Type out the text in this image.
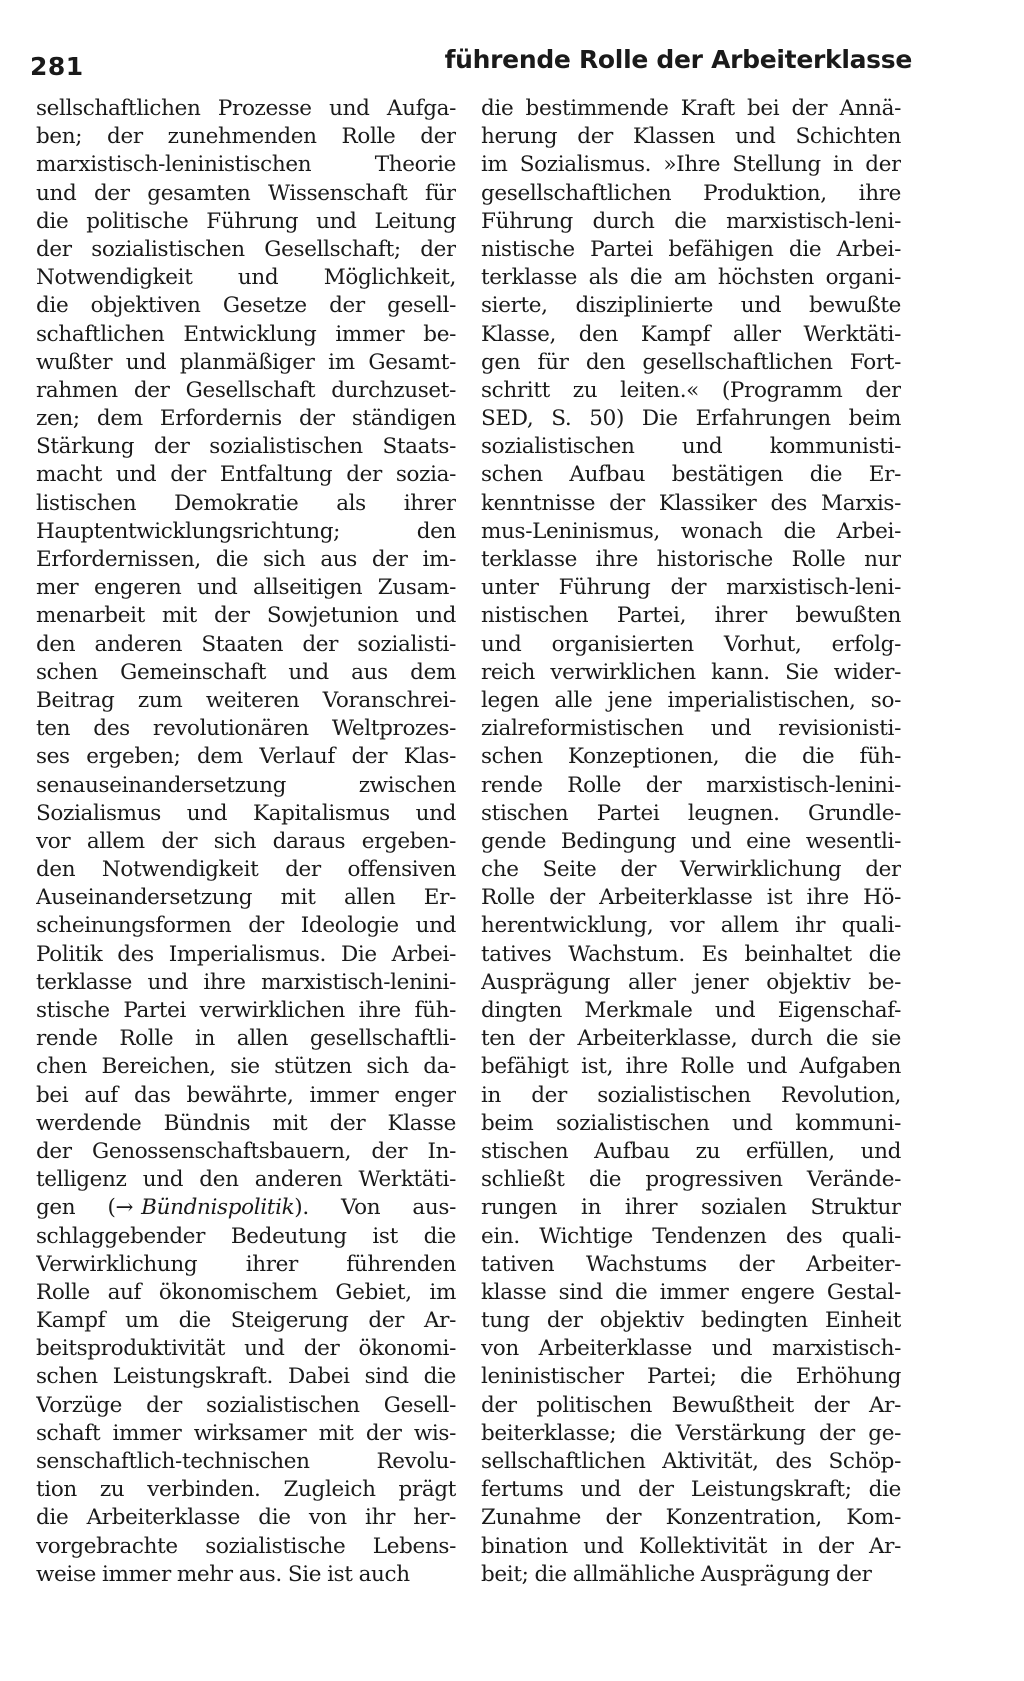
281	führende Rolle der Arbeiterklasse
sellschaftlichen Prozesse und Aufga-
ben; der zunehmenden Rolle der
marxistisch-leninistischen Theorie
und der gesamten Wissenschaft für
die politische Führung und Leitung
der sozialistischen Gesellschaft; der
Notwendigkeit und Möglichkeit,
die objektiven Gesetze der gesell-
schaftlichen Entwicklung immer be-
wußter und planmäßiger im Gesamt-
rahmen der Gesellschaft durchzuset-
zen; dem Erfordernis der ständigen
Stärkung der sozialistischen Staats-
macht und der Entfaltung der sozia-
listischen Demokratie als ihrer
Hauptentwicklungsrichtung; den
Erfordernissen, die sich aus der im-
mer engeren und allseitigen Zusam-
menarbeit mit der Sowjetunion und
den anderen Staaten der sozialisti-
schen Gemeinschaft und aus dem
Beitrag zum weiteren Voranschrei-
ten des revolutionären Weltprozes-
ses ergeben; dem Verlauf der Klas-
senauseinandersetzung zwischen
Sozialismus und Kapitalismus und
vor allem der sich daraus ergeben-
den Notwendigkeit der offensiven
Auseinandersetzung mit allen Er-
scheinungsformen der Ideologie und
Politik des Imperialismus. Die Arbei-
terklasse und ihre marxistisch-lenini-
stische Partei verwirklichen ihre füh-
rende Rolle in allen gesellschaftli-
chen Bereichen, sie stützen sich da-
bei auf das bewährte, immer enger
werdende Bündnis mit der Klasse
der Genossenschaftsbauern, der In-
telligenz und den anderen Werktäti-
gen (→ Bündnispolitik). Von aus-
schlaggebender Bedeutung ist die
Verwirklichung ihrer führenden
Rolle auf ökonomischem Gebiet, im
Kampf um die Steigerung der Ar-
beitsproduktivität und der ökonomi-
schen Leistungskraft. Dabei sind die
Vorzüge der sozialistischen Gesell-
schaft immer wirksamer mit der wis-
senschaftlich-technischen Revolu-
tion zu verbinden. Zugleich prägt
die Arbeiterklasse die von ihr her-
vorgebrachte sozialistische Lebens-
weise immer mehr aus. Sie ist auch
die bestimmende Kraft bei der Annä-
herung der Klassen und Schichten
im Sozialismus. »Ihre Stellung in der
gesellschaftlichen Produktion, ihre
Führung durch die marxistisch-leni-
nistische Partei befähigen die Arbei-
terklasse als die am höchsten organi-
sierte, disziplinierte und bewußte
Klasse, den Kampf aller Werktäti-
gen für den gesellschaftlichen Fort-
schritt zu leiten.« (Programm der
SED, S. 50) Die Erfahrungen beim
sozialistischen und kommunisti-
schen Aufbau bestätigen die Er-
kenntnisse der Klassiker des Marxis-
mus-Leninismus, wonach die Arbei-
terklasse ihre historische Rolle nur
unter Führung der marxistisch-leni-
nistischen Partei, ihrer bewußten
und organisierten Vorhut, erfolg-
reich verwirklichen kann. Sie wider-
legen alle jene imperialistischen, so-
zialreformistischen und revisionisti-
schen Konzeptionen, die die füh-
rende Rolle der marxistisch-lenini-
stischen Partei leugnen. Grundle-
gende Bedingung und eine wesentli-
che Seite der Verwirklichung der
Rolle der Arbeiterklasse ist ihre Hö-
herentwicklung, vor allem ihr quali-
tatives Wachstum. Es beinhaltet die
Ausprägung aller jener objektiv be-
dingten Merkmale und Eigenschaf-
ten der Arbeiterklasse, durch die sie
befähigt ist, ihre Rolle und Aufgaben
in der sozialistischen Revolution,
beim sozialistischen und kommuni-
stischen Aufbau zu erfüllen, und
schließt die progressiven Verände-
rungen in ihrer sozialen Struktur
ein. Wichtige Tendenzen des quali-
tativen Wachstums der Arbeiter-
klasse sind die immer engere Gestal-
tung der objektiv bedingten Einheit
von Arbeiterklasse und marxistisch-
leninistischer Partei; die Erhöhung
der politischen Bewußtheit der Ar-
beiterklasse; die Verstärkung der ge-
sellschaftlichen Aktivität, des Schöp-
fertums und der Leistungskraft; die
Zunahme der Konzentration, Kom-
bination und Kollektivität in der Ar-
beit; die allmähliche Ausprägung der
